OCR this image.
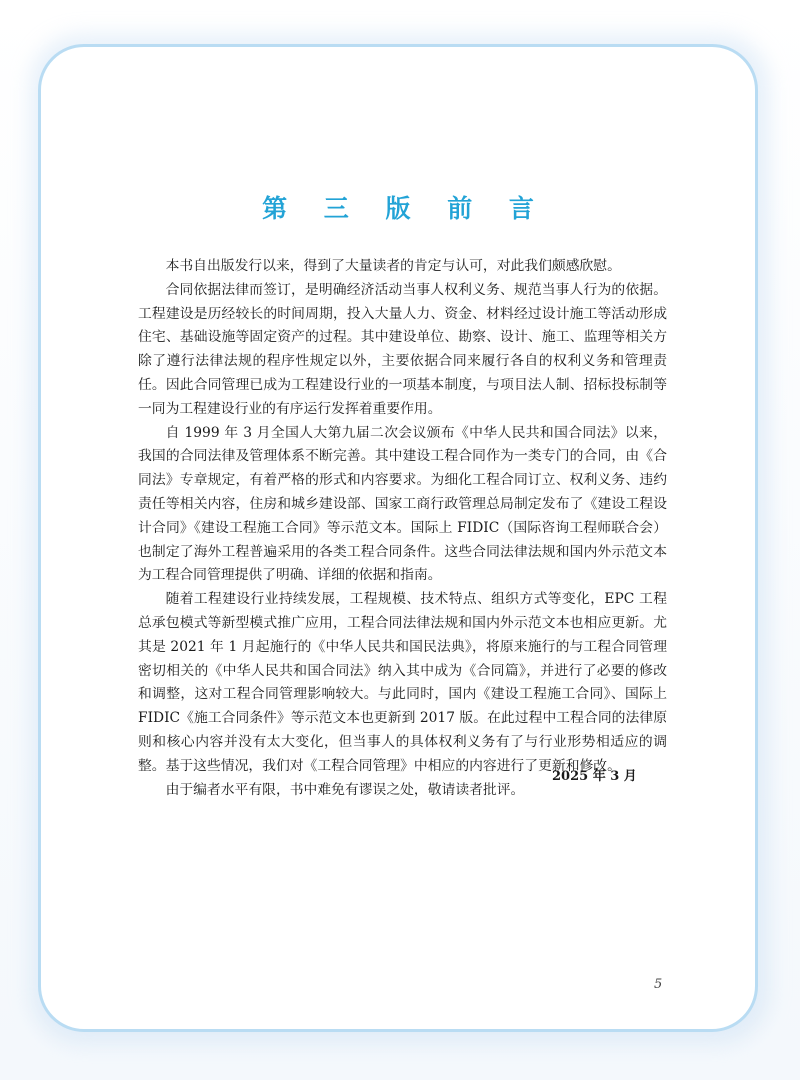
第 三 版 前 言

本书自出版发行以来，得到了大量读者的肯定与认可，对此我们颇感欣慰。

合同依据法律而签订，是明确经济活动当事人权利义务、规范当事人行为的依据。工程建设是历经较长的时间周期，投入大量人力、资金、材料经过设计施工等活动形成住宅、基础设施等固定资产的过程。其中建设单位、勘察、设计、施工、监理等相关方除了遵行法律法规的程序性规定以外，主要依据合同来履行各自的权利义务和管理责任。因此合同管理已成为工程建设行业的一项基本制度，与项目法人制、招标投标制等一同为工程建设行业的有序运行发挥着重要作用。

自 1999 年 3 月全国人大第九届二次会议颁布《中华人民共和国合同法》以来，我国的合同法律及管理体系不断完善。其中建设工程合同作为一类专门的合同，由《合同法》专章规定，有着严格的形式和内容要求。为细化工程合同订立、权利义务、违约责任等相关内容，住房和城乡建设部、国家工商行政管理总局制定发布了《建设工程设计合同》《建设工程施工合同》等示范文本。国际上 FIDIC（国际咨询工程师联合会）也制定了海外工程普遍采用的各类工程合同条件。这些合同法律法规和国内外示范文本为工程合同管理提供了明确、详细的依据和指南。

随着工程建设行业持续发展，工程规模、技术特点、组织方式等变化，EPC 工程总承包模式等新型模式推广应用，工程合同法律法规和国内外示范文本也相应更新。尤其是 2021 年 1 月起施行的《中华人民共和国民法典》，将原来施行的与工程合同管理密切相关的《中华人民共和国合同法》纳入其中成为《合同篇》，并进行了必要的修改和调整，这对工程合同管理影响较大。与此同时，国内《建设工程施工合同》、国际上 FIDIC《施工合同条件》等示范文本也更新到 2017 版。在此过程中工程合同的法律原则和核心内容并没有太大变化，但当事人的具体权利义务有了与行业形势相适应的调整。基于这些情况，我们对《工程合同管理》中相应的内容进行了更新和修改。

由于编者水平有限，书中难免有谬误之处，敬请读者批评。

2025 年 3 月
5
